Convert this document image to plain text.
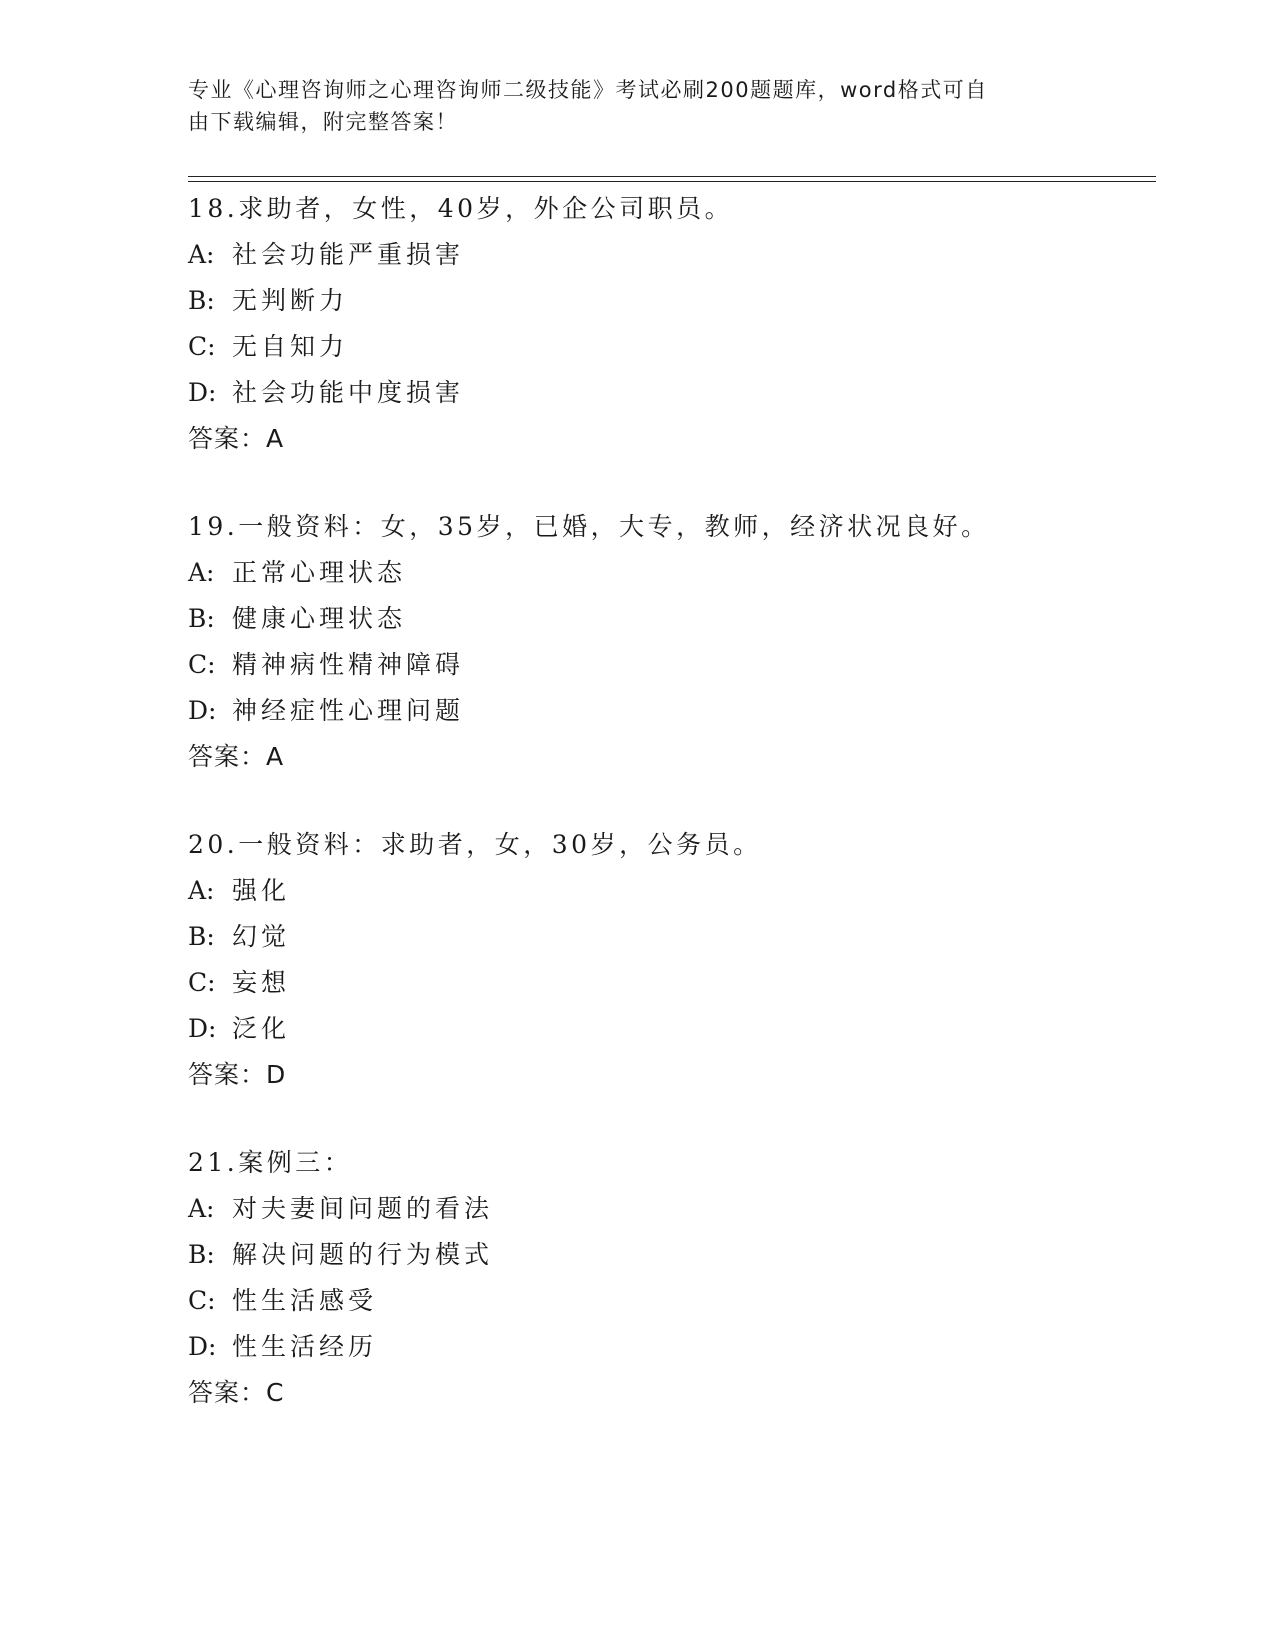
专业《心理咨询师之心理咨询师二级技能》考试必刷200题题库，word格式可自
由下载编辑，附完整答案！
18.求助者，女性，40岁，外企公司职员。
A: 社会功能严重损害
B: 无判断力
C: 无自知力
D: 社会功能中度损害
答案：A
19.一般资料：女，35岁，已婚，大专，教师，经济状况良好。
A: 正常心理状态
B: 健康心理状态
C: 精神病性精神障碍
D: 神经症性心理问题
答案：A
20.一般资料：求助者，女，30岁，公务员。
A: 强化
B: 幻觉
C: 妄想
D: 泛化
答案：D
21.案例三：
A: 对夫妻间问题的看法
B: 解决问题的行为模式
C: 性生活感受
D: 性生活经历
答案：C
